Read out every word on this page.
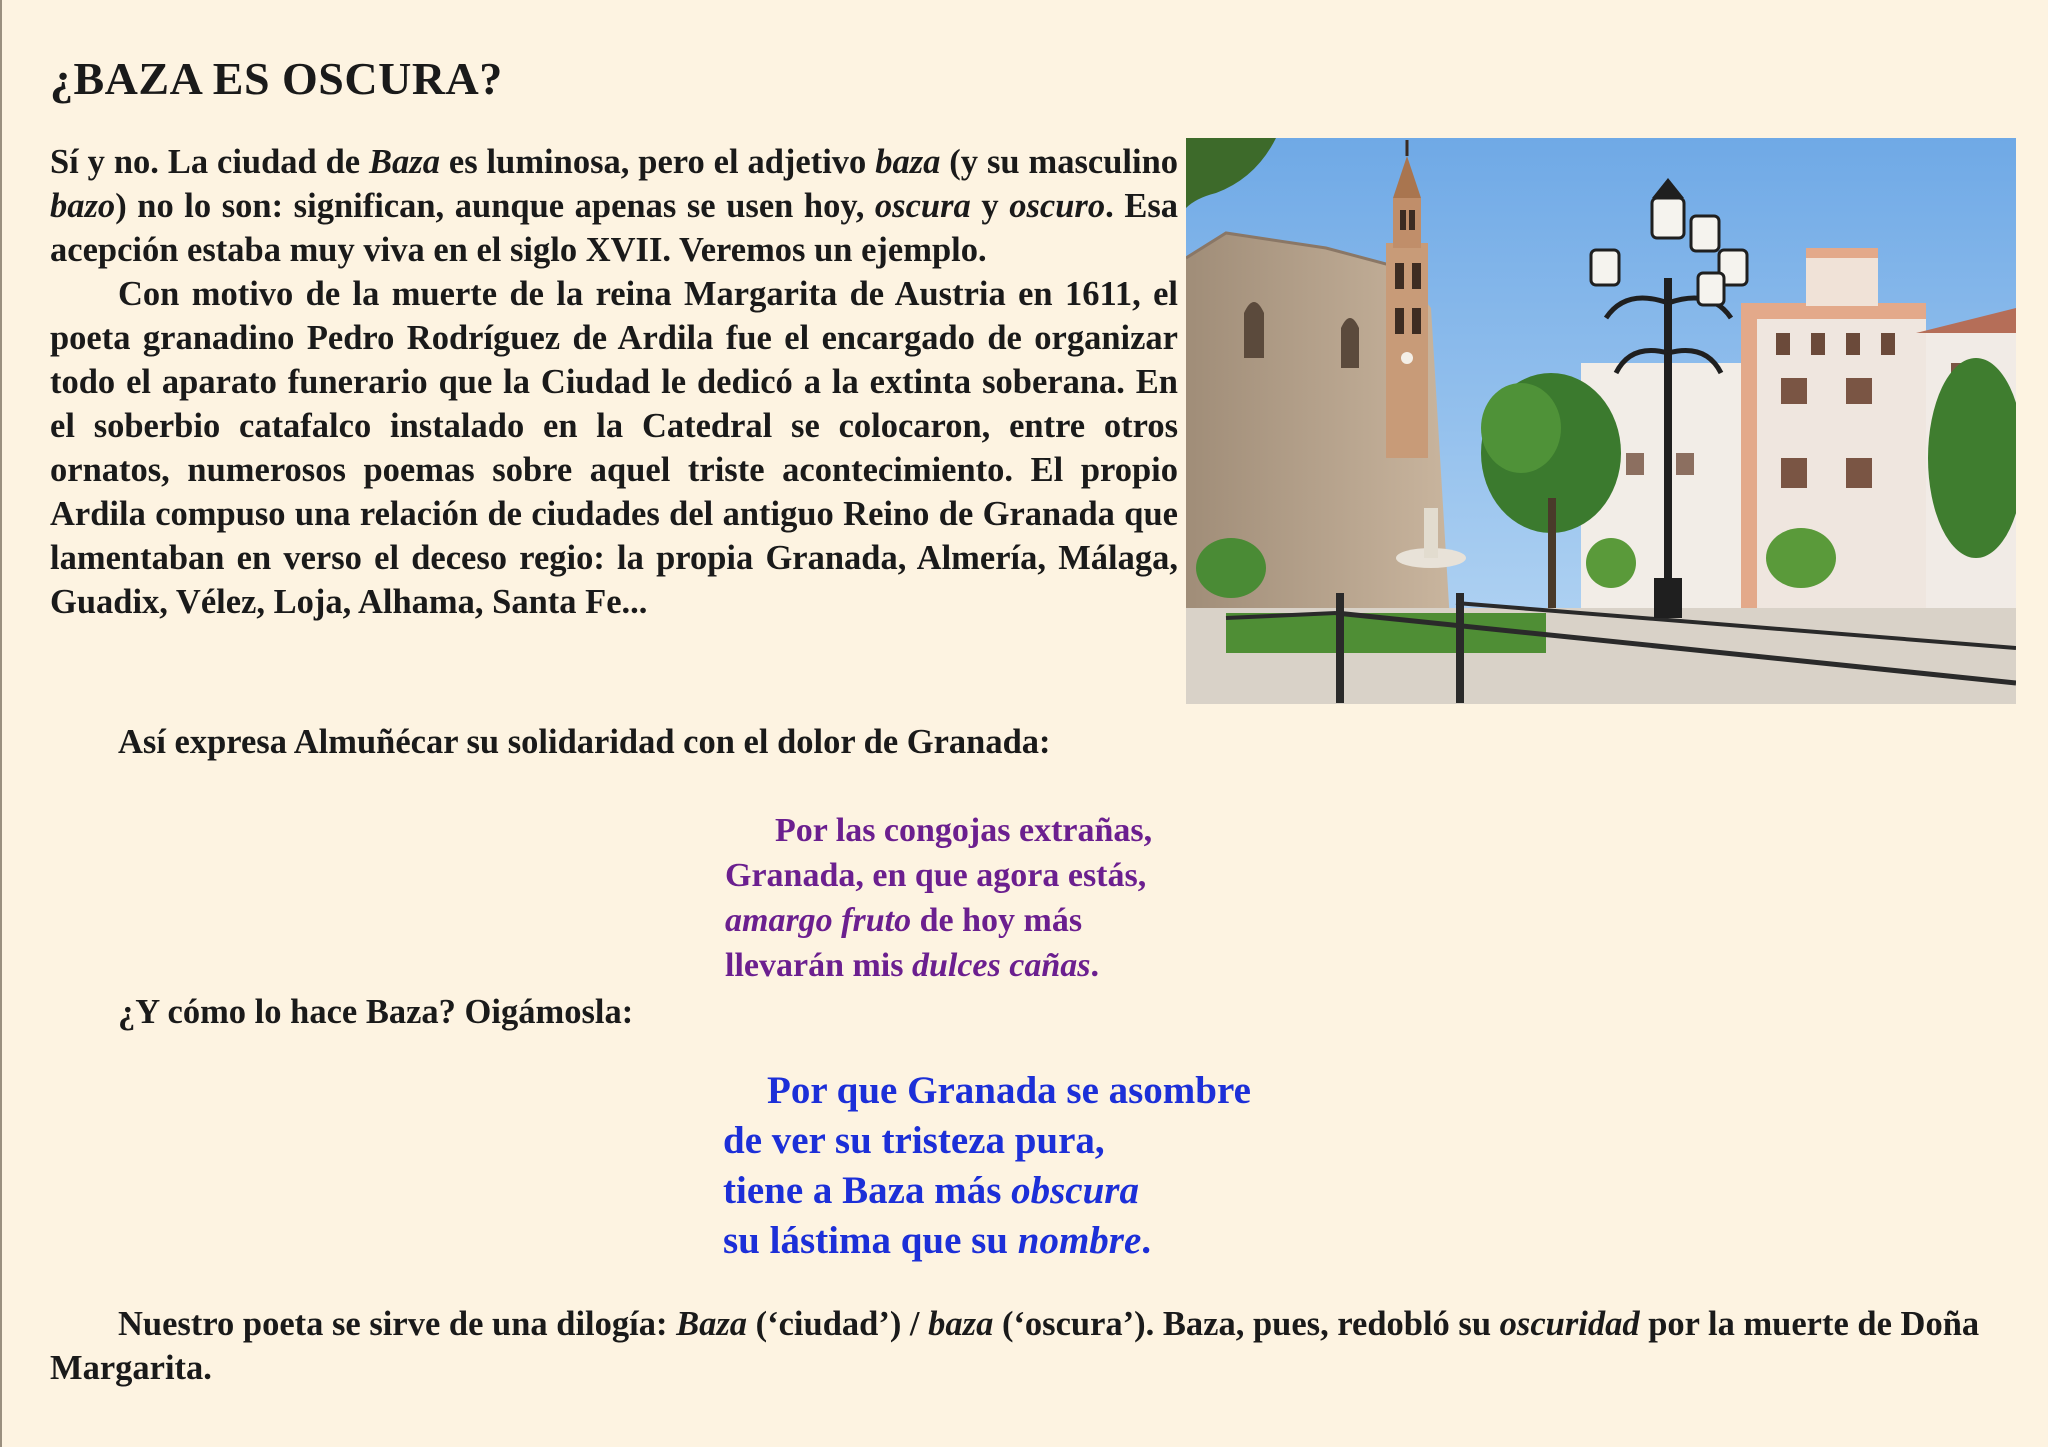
¿BAZA ES OSCURA?

Sí y no. La ciudad de Baza es luminosa, pero el adjetivo baza (y su masculino bazo) no lo son: significan, aunque apenas se usen hoy, oscura y oscuro. Esa acepción estaba muy viva en el siglo XVII. Veremos un ejemplo.

Con motivo de la muerte de la reina Margarita de Austria en 1611, el poeta granadino Pedro Rodríguez de Ardila fue el encargado de organizar todo el aparato funerario que la Ciudad le dedicó a la extinta soberana. En el soberbio catafalco instalado en la Catedral se colocaron, entre otros ornatos, numerosos poemas sobre aquel triste acontecimiento. El propio Ardila compuso una relación de ciudades del antiguo Reino de Granada que lamentaban en verso el deceso regio: la propia Granada, Almería, Málaga, Guadix, Vélez, Loja, Alhama, Santa Fe...

Así expresa Almuñécar su solidaridad con el dolor de Granada:

Por las congojas extrañas,
Granada, en que agora estás,
amargo fruto de hoy más
llevarán mis dulces cañas.

¿Y cómo lo hace Baza? Oigámosla:

Por que Granada se asombre
de ver su tristeza pura,
tiene a Baza más obscura
su lástima que su nombre.

Nuestro poeta se sirve de una dilogía: Baza (‘ciudad’) / baza (‘oscura’). Baza, pues, redobló su oscuridad por la muerte de Doña Margarita.
